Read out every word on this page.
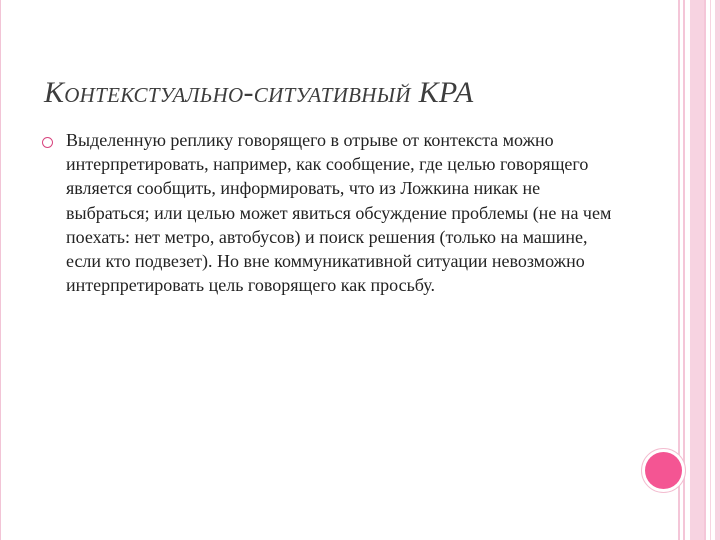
Контекстуально-ситуативный КРА
Выделенную реплику говорящего в отрыве от контекста можно интерпретировать, например, как сообщение, где целью говорящего является сообщить, информировать, что из Ложкина никак не выбраться; или целью может явиться обсуждение проблемы (не на чем поехать: нет метро, автобусов) и поиск решения (только на машине, если кто подвезет). Но вне коммуникативной ситуации невозможно интерпретировать цель говорящего как просьбу.
